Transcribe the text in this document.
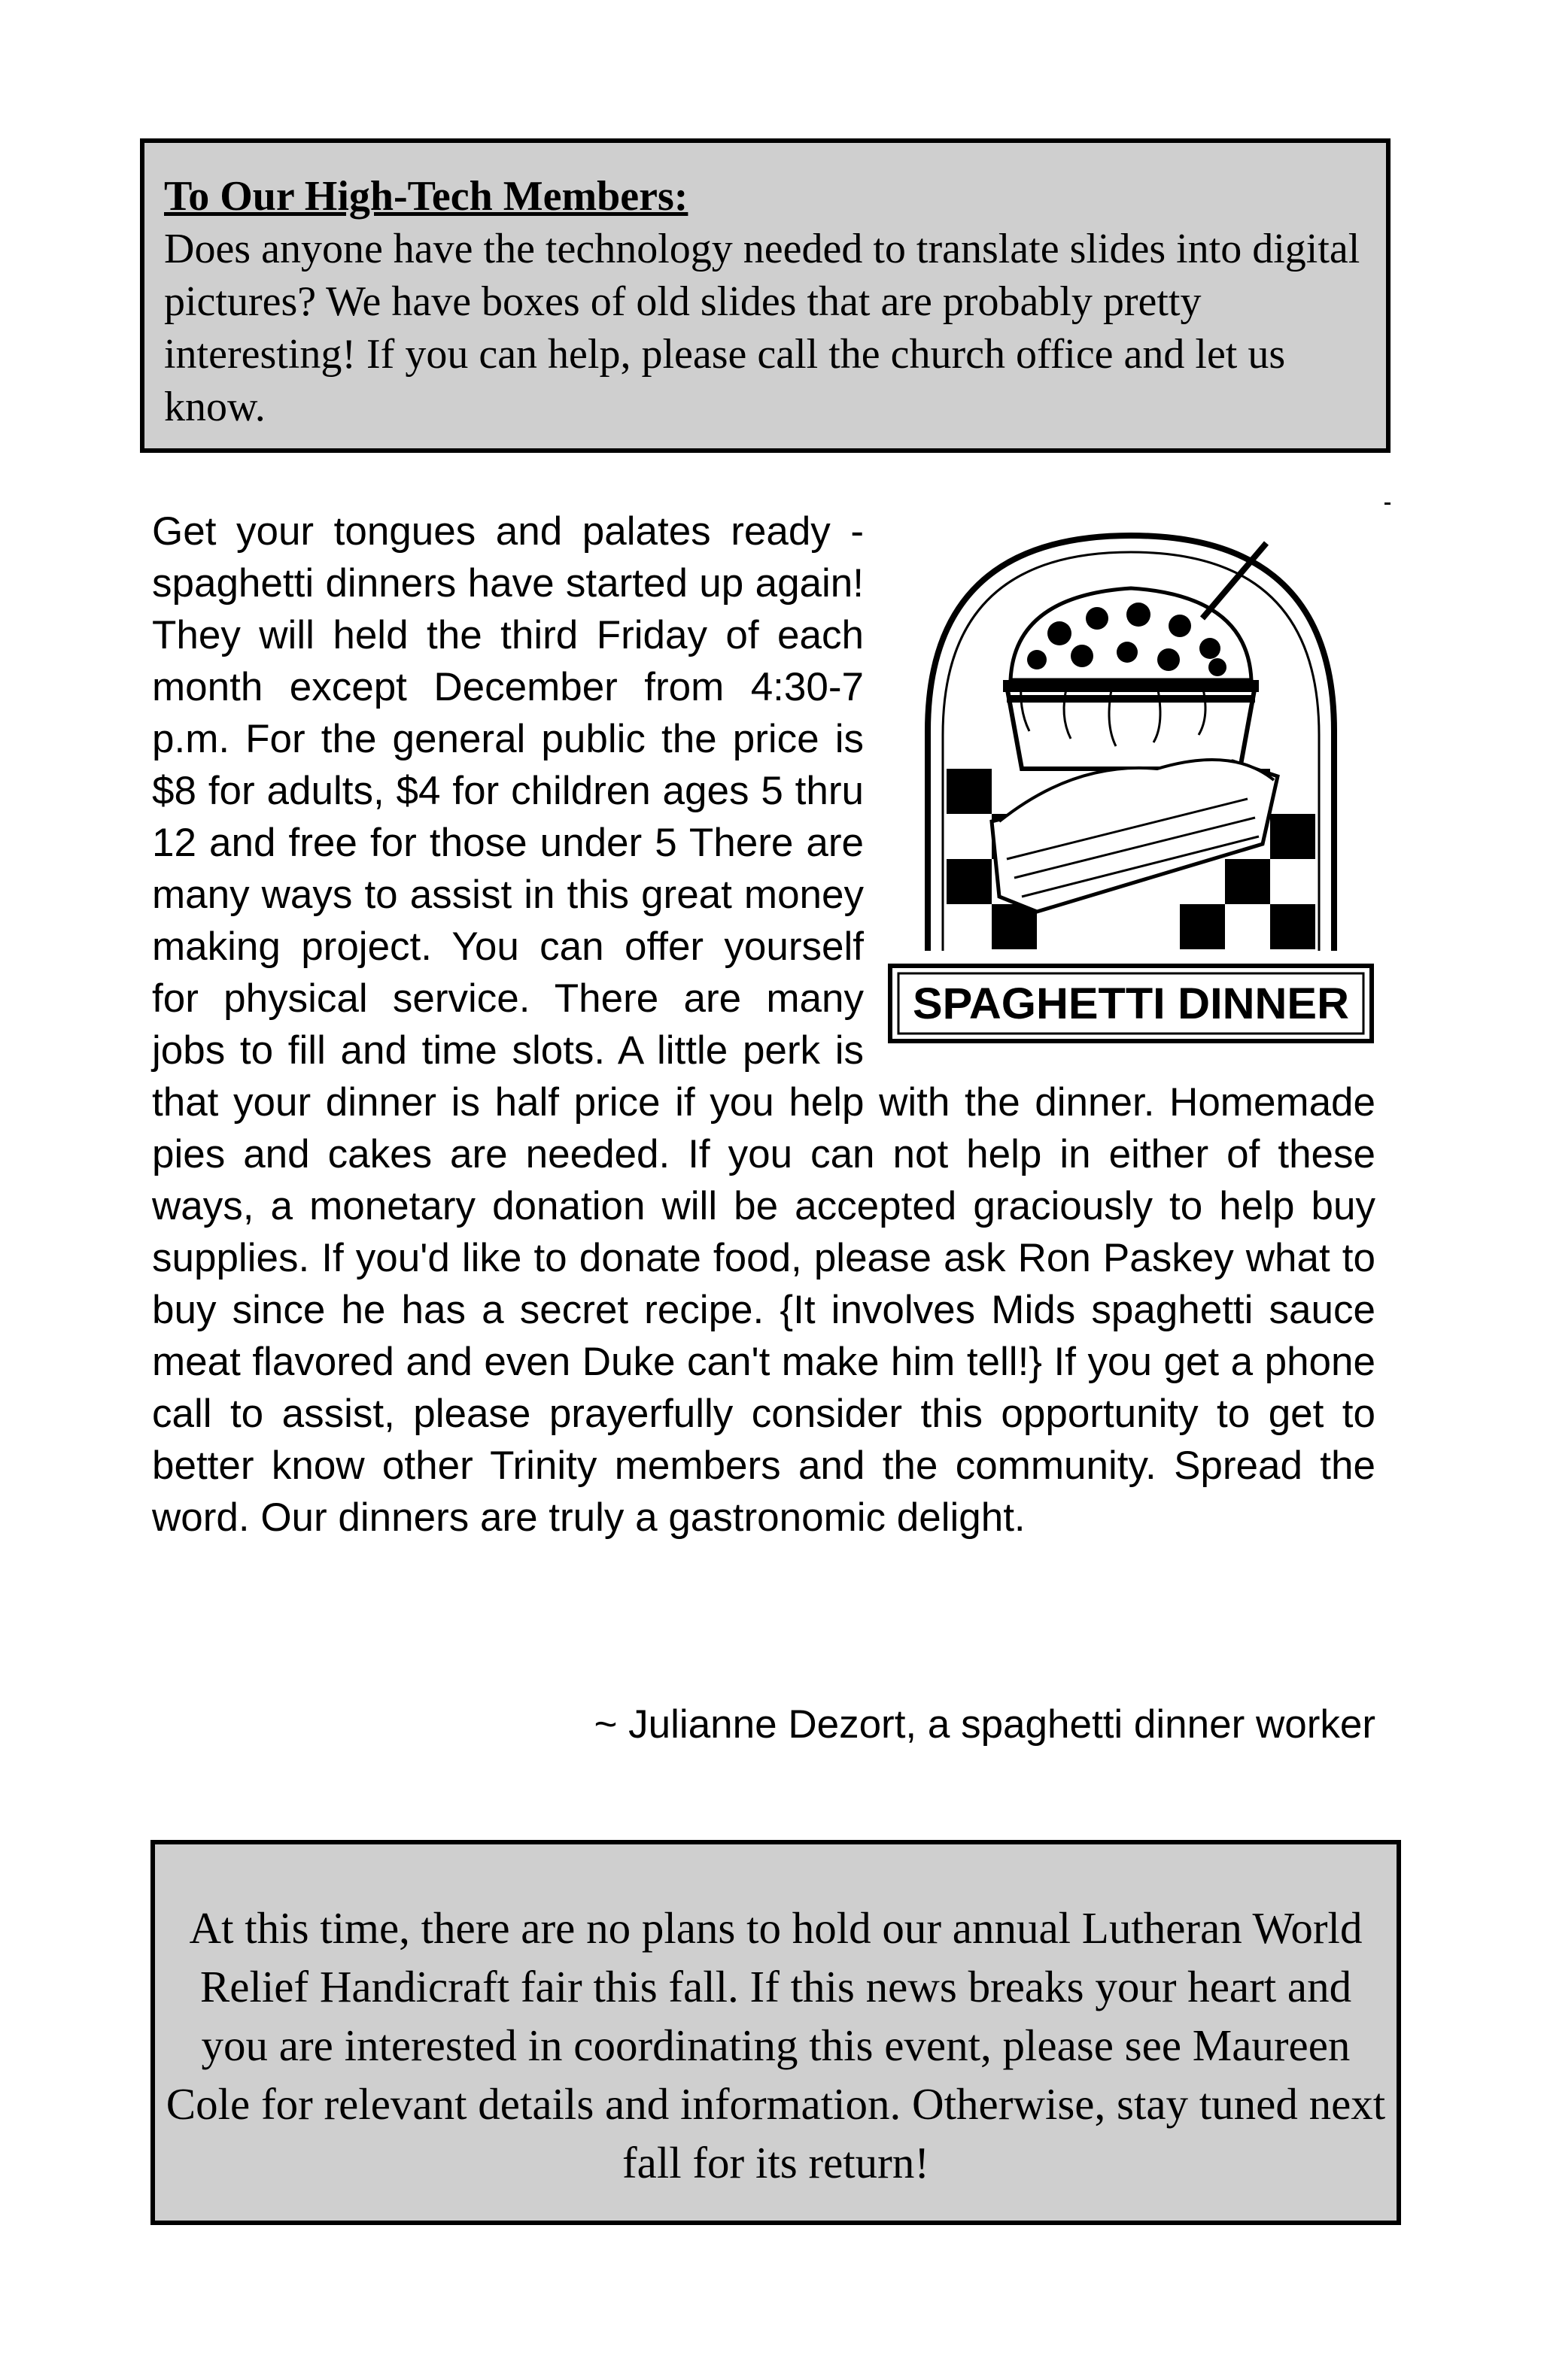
To Our High-Tech Members:
Does anyone have the technology needed to translate slides into digital pictures? We have boxes of old slides that are probably pretty interesting! If you can help, please call the church office and let us know.
SPAGHETTI DINNER
Get your tongues and palates ready - spaghetti dinners have started up again! They will held the third Friday of each month except December from 4:30-7 p.m. For the general public the price is $8 for adults, $4 for children ages 5 thru 12 and free for those under 5 There are many ways to assist in this great money making project. You can offer yourself for physical service. There are many jobs to fill and time slots. A little perk is that your dinner is half price if you help with the dinner. Homemade pies and cakes are needed. If you can not help in either of these ways, a monetary donation will be accepted graciously to help buy supplies. If you'd like to donate food, please ask Ron Paskey what to buy since he has a secret recipe. {It involves Mids spaghetti sauce meat flavored and even Duke can't make him tell!} If you get a phone call to assist, please prayerfully consider this opportunity to get to better know other Trinity members and the community. Spread the word. Our dinners are truly a gastronomic delight.

~ Julianne Dezort, a spaghetti dinner worker

At this time, there are no plans to hold our annual Lutheran World Relief Handicraft fair this fall. If this news breaks your heart and you are interested in coordinating this event, please see Maureen Cole for relevant details and information. Otherwise, stay tuned next fall for its return!
